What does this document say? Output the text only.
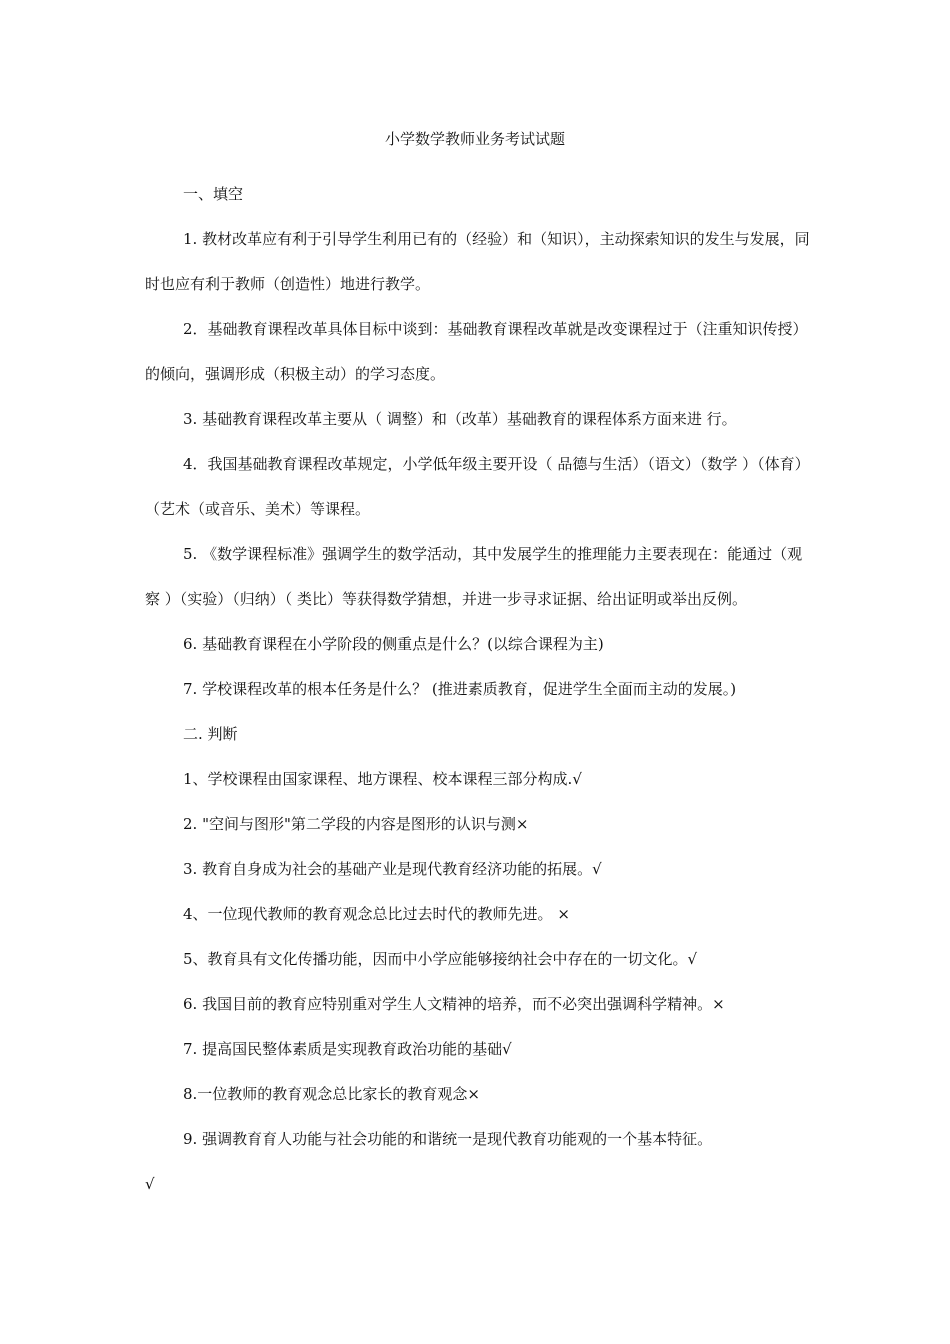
小学数学教师业务考试试题

一、填空

1. 教材改革应有利于引导学生利用已有的（经验）和（知识），主动探索知识的发生与发展，同时也应有利于教师（创造性）地进行教学。

2．基础教育课程改革具体目标中谈到：基础教育课程改革就是改变课程过于（注重知识传授）的倾向，强调形成（积极主动）的学习态度。

3. 基础教育课程改革主要从（ 调整）和（改革）基础教育的课程体系方面来进 行。

4．我国基础教育课程改革规定，小学低年级主要开设（ 品德与生活）（语文）（数学 ）（体育）（艺术（或音乐、美术）等课程。

5. 《数学课程标准》强调学生的数学活动，其中发展学生的推理能力主要表现在：能通过（观察 ）（实验）（归纳）（ 类比）等获得数学猜想，并进一步寻求证据、给出证明或举出反例。

6. 基础教育课程在小学阶段的侧重点是什么？(以综合课程为主)

7. 学校课程改革的根本任务是什么？ (推进素质教育，促进学生全面而主动的发展。)

二. 判断

1、学校课程由国家课程、地方课程、校本课程三部分构成.√

2. "空间与图形"第二学段的内容是图形的认识与测×

3. 教育自身成为社会的基础产业是现代教育经济功能的拓展。√

4、一位现代教师的教育观念总比过去时代的教师先进。 ×

5、教育具有文化传播功能，因而中小学应能够接纳社会中存在的一切文化。√

6. 我国目前的教育应特别重对学生人文精神的培养，而不必突出强调科学精神。×

7. 提高国民整体素质是实现教育政治功能的基础√

8.一位教师的教育观念总比家长的教育观念×

9. 强调教育育人功能与社会功能的和谐统一是现代教育功能观的一个基本特征。

√
